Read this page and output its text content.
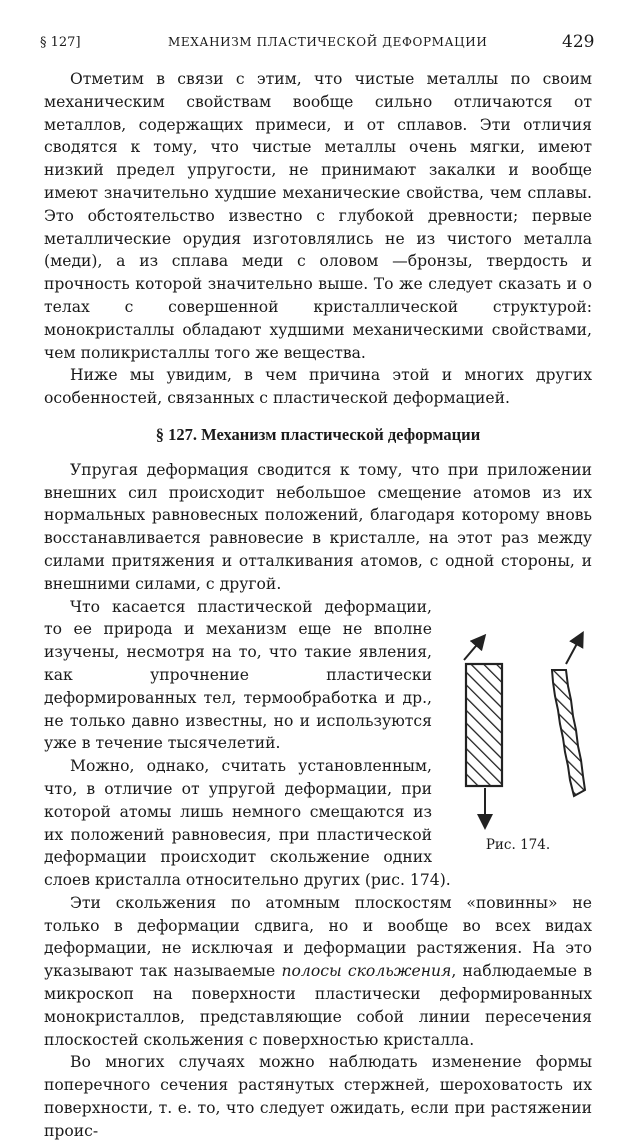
§ 127]	МЕХАНИЗМ ПЛАСТИЧЕСКОЙ ДЕФОРМАЦИИ	429

Отметим в связи с этим, что чистые металлы по своим механическим свойствам вообще сильно отличаются от металлов, содержащих примеси, и от сплавов. Эти отличия сводятся к тому, что чистые металлы очень мягки, имеют низкий предел упругости, не принимают закалки и вообще имеют значительно худшие механические свойства, чем сплавы. Это обстоятельство известно с глубокой древности; первые металлические орудия изготовлялись не из чистого металла (меди), а из сплава меди с оловом —бронзы, твердость и прочность которой значительно выше. То же следует сказать и о телах с совершенной кристаллической структурой: монокристаллы обладают худшими механическими свойствами, чем поликристаллы того же вещества.

Ниже мы увидим, в чем причина этой и многих других особенностей, связанных с пластической деформацией.

§ 127. Механизм пластической деформации

Упругая деформация сводится к тому, что при приложении внешних сил происходит небольшое смещение атомов из их нормальных равновесных положений, благодаря которому вновь восстанавливается равновесие в кристалле, на этот раз между силами притяжения и отталкивания атомов, с одной стороны, и внешними силами, с другой.

Рис. 174.

Что касается пластической деформации, то ее природа и механизм еще не вполне изучены, несмотря на то, что такие явления, как упрочнение пластически деформированных тел, термообработка и др., не только давно известны, но и используются уже в течение тысячелетий.

Можно, однако, считать установленным, что, в отличие от упругой деформации, при которой атомы лишь немного смещаются из их положений равновесия, при пластической деформации происходит скольжение одних слоев кристалла относительно других (рис. 174).

Эти скольжения по атомным плоскостям «повинны» не только в деформации сдвига, но и вообще во всех видах деформации, не исключая и деформации растяжения. На это указывают так называемые полосы скольжения, наблюдаемые в микроскоп на поверхности пластически деформированных монокристаллов, представляющие собой линии пересечения плоскостей скольжения с поверхностью кристалла.

Во многих случаях можно наблюдать изменение формы поперечного сечения растянутых стержней, шероховатость их поверхности, т. е. то, что следует ожидать, если при растяжении проис-
